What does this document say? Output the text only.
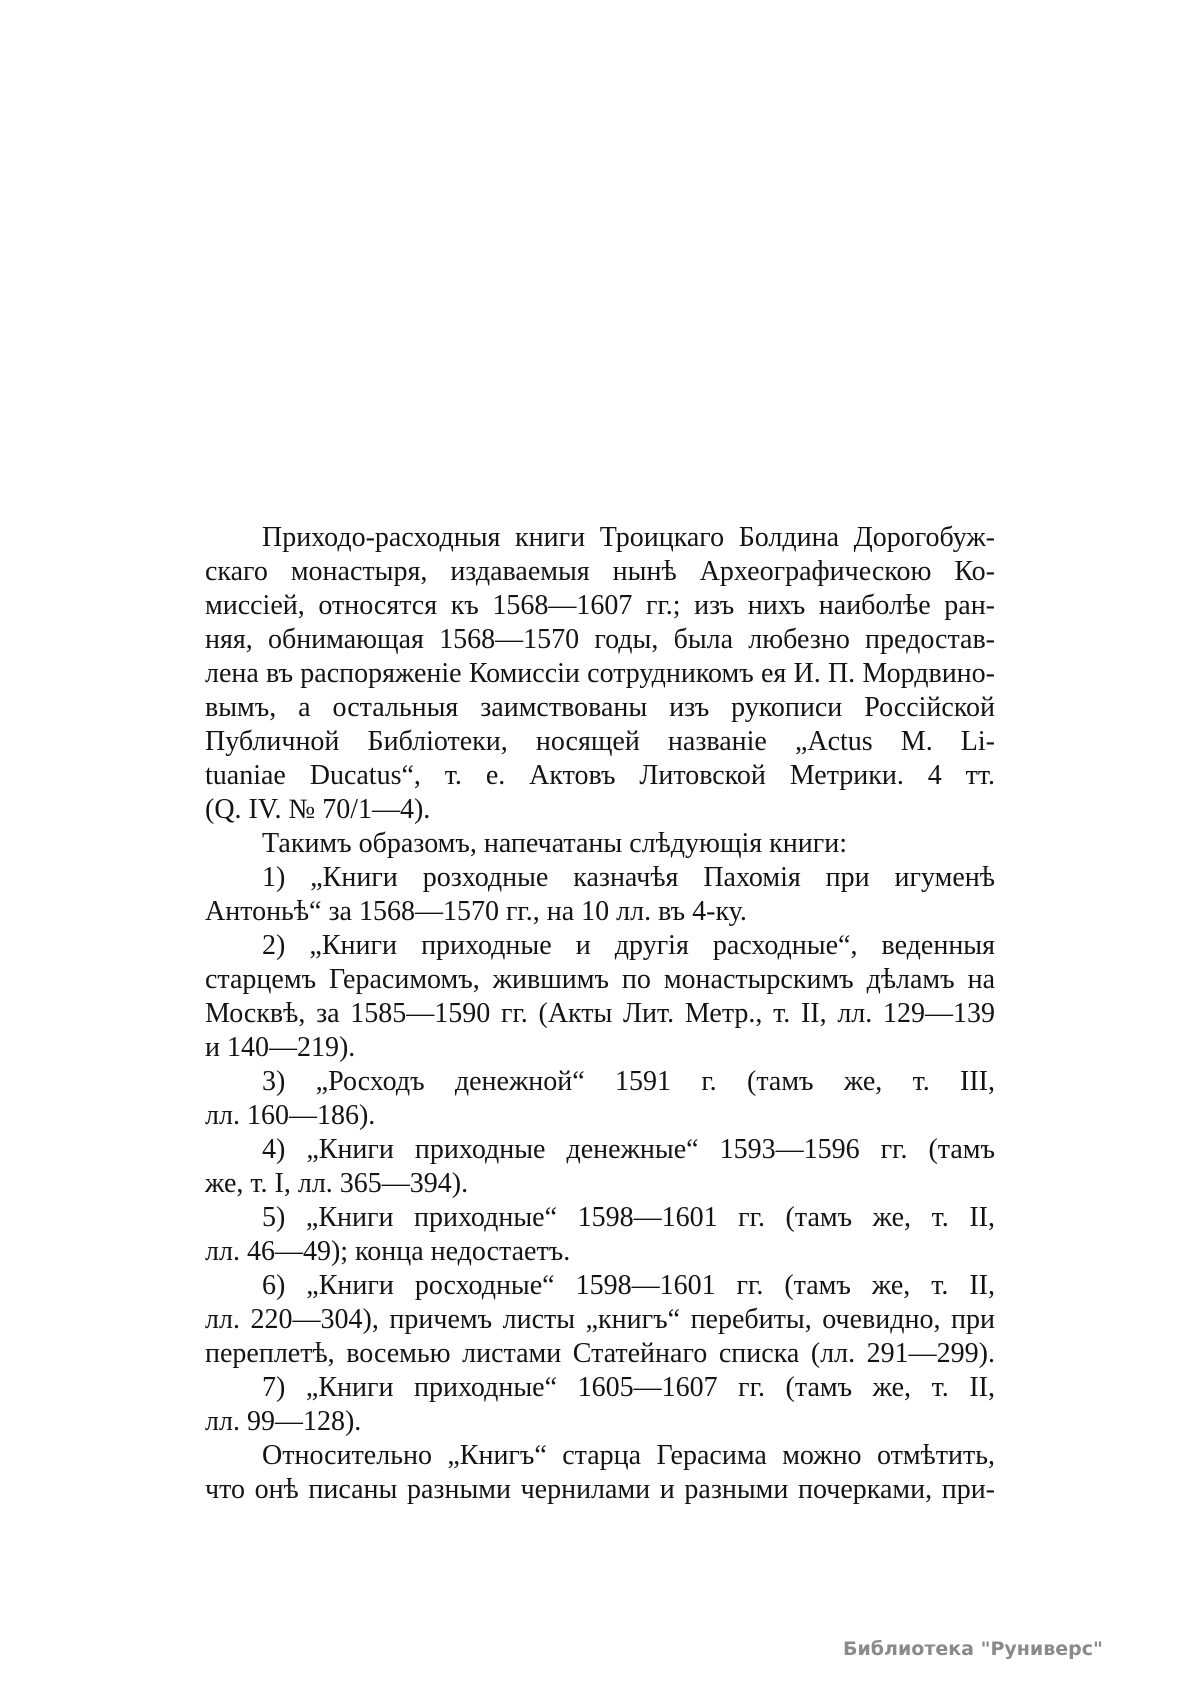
Приходо-расходныя книги Троицкаго Болдина Дорогобуж-
скаго монастыря, издаваемыя нынѣ Археографическою Ко-
миссіей, относятся къ 1568—1607 гг.; изъ нихъ наиболѣе ран-
няя, обнимающая 1568—1570 годы, была любезно предостав-
лена въ распоряженіе Комиссіи сотрудникомъ ея И. П. Мордвино-
вымъ, а остальныя заимствованы изъ рукописи Россійской
Публичной Библіотеки, носящей названіе „Actus M. Li-
tuaniae Ducatus“, т. е. Актовъ Литовской Метрики. 4 тт.
(Q. IV. № 70/1—4).
Такимъ образомъ, напечатаны слѣдующія книги:
1) „Книги розходные казначѣя Пахомія при игуменѣ
Антоньѣ“ за 1568—1570 гг., на 10 лл. въ 4-ку.
2) „Книги приходные и другія расходные“, веденныя
старцемъ Герасимомъ, жившимъ по монастырскимъ дѣламъ на
Москвѣ, за 1585—1590 гг. (Акты Лит. Метр., т. II, лл. 129—139
и 140—219).
3) „Росходъ денежной“ 1591 г. (тамъ же, т. III,
лл. 160—186).
4) „Книги приходные денежные“ 1593—1596 гг. (тамъ
же, т. I, лл. 365—394).
5) „Книги приходные“ 1598—1601 гг. (тамъ же, т. II,
лл. 46—49); конца недостаетъ.
6) „Книги росходные“ 1598—1601 гг. (тамъ же, т. II,
лл. 220—304), причемъ листы „книгъ“ перебиты, очевидно, при
переплетѣ, восемью листами Статейнаго списка (лл. 291—299).
7) „Книги приходные“ 1605—1607 гг. (тамъ же, т. II,
лл. 99—128).
Относительно „Книгъ“ старца Герасима можно отмѣтить,
что онѣ писаны разными чернилами и разными почерками, при-
Библиотека "Руниверс"
